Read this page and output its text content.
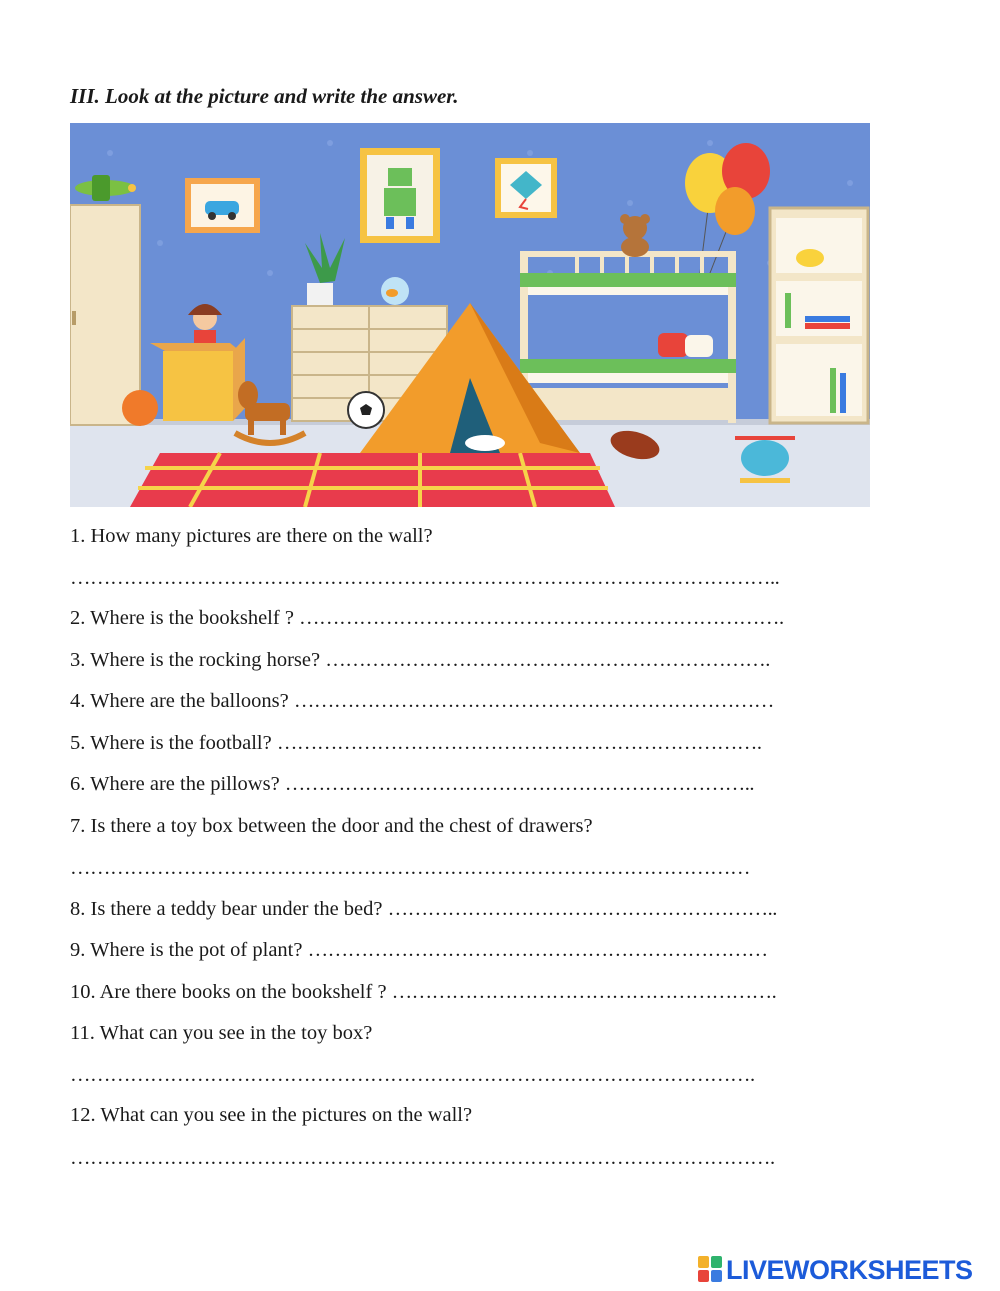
III. Look at the picture and write the answer.
1. How many pictures are there on the wall?
……………………………………………………………………………………………..
2. Where is the bookshelf ? ……………………………………………………………….
3. Where is the rocking horse? ………………………………………………………….
4. Where are the balloons? ………………………………………………………………
5. Where is the football? ……………………………………………………………….
6. Where are the pillows? ……………………………………………………………..
7. Is there a toy box between the door and the chest of drawers?
…………………………………………………………………………………………
8. Is there a teddy bear under the bed? …………………………………………………..
9. Where is the pot of plant? ……………………………………………………………
10. Are there books on the bookshelf ? ………………………………………………….
11. What can you see in the toy box?
………………………………………………………………………………………….
12. What can you see in the pictures on the wall?
…………………………………………………………………………………………….
LIVEWORKSHEETS
